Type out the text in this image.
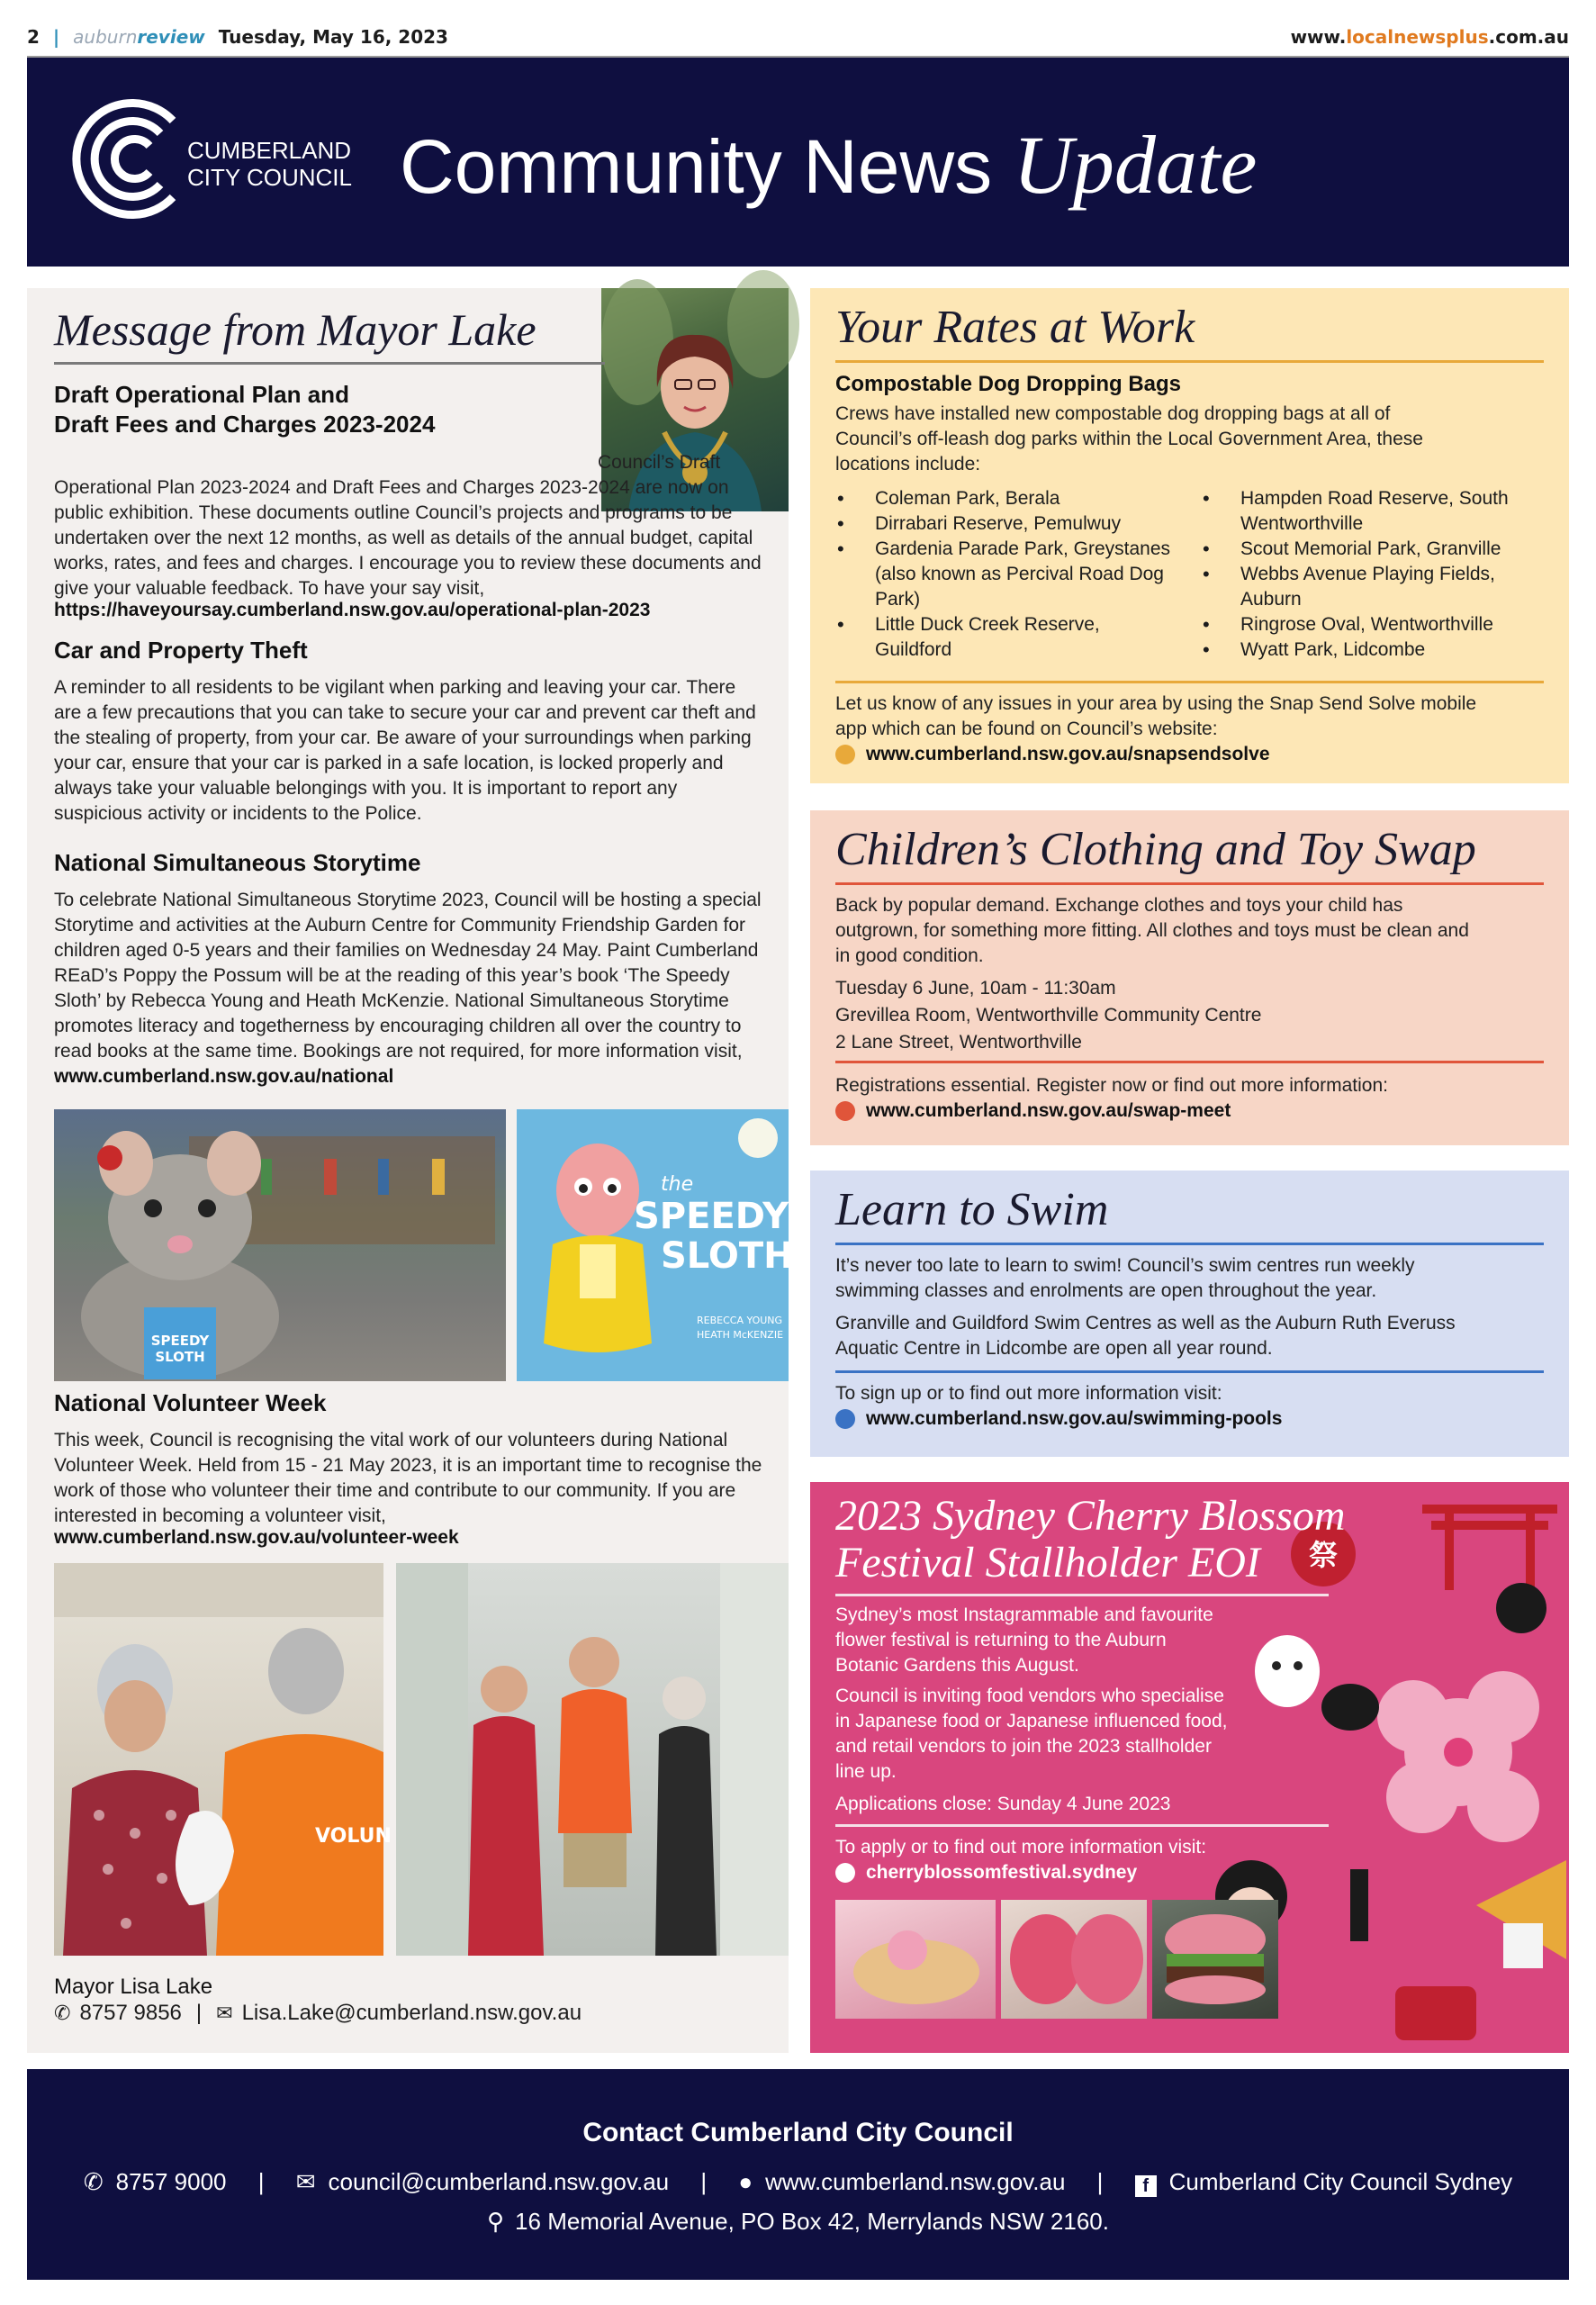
2 | auburnreview Tuesday, May 16, 2023	www.localnewsplus.com.au
CUMBERLAND
CITY COUNCIL Community News Update
Message from Mayor Lake
Draft Operational Plan and
Draft Fees and Charges 2023-2024
Council’s Draft Operational Plan 2023-2024 and Draft Fees and Charges 2023-2024 are now on public exhibition. These documents outline Council’s projects and programs to be undertaken over the next 12 months, as well as details of the annual budget, capital works, rates, and fees and charges. I encourage you to review these documents and give your valuable feedback. To have your say visit,
https://haveyoursay.cumberland.nsw.gov.au/operational-plan-2023
Car and Property Theft
A reminder to all residents to be vigilant when parking and leaving your car. There are a few precautions that you can take to secure your car and prevent car theft and the stealing of property, from your car. Be aware of your surroundings when parking your car, ensure that your car is parked in a safe location, is locked properly and always take your valuable belongings with you. It is important to report any suspicious activity or incidents to the Police.
National Simultaneous Storytime
To celebrate National Simultaneous Storytime 2023, Council will be hosting a special Storytime and activities at the Auburn Centre for Community Friendship Garden for children aged 0-5 years and their families on Wednesday 24 May. Paint Cumberland REaD’s Poppy the Possum will be at the reading of this year’s book ‘The Speedy Sloth’ by Rebecca Young and Heath McKenzie. National Simultaneous Storytime promotes literacy and togetherness by encouraging children all over the country to read books at the same time. Bookings are not required, for more information visit, www.cumberland.nsw.gov.au/national
SPEEDY
SLOTH
the
SPEEDY
SLOTH
REBECCA YOUNG
HEATH McKENZIE
National Volunteer Week
This week, Council is recognising the vital work of our volunteers during National Volunteer Week. Held from 15 - 21 May 2023, it is an important time to recognise the work of those who volunteer their time and contribute to our community. If you are interested in becoming a volunteer visit,
www.cumberland.nsw.gov.au/volunteer-week
VOLUN
Mayor Lisa Lake
✆ 8757 9856 | ✉ Lisa.Lake@cumberland.nsw.gov.au
Your Rates at Work
Compostable Dog Dropping Bags
Crews have installed new compostable dog dropping bags at all of Council’s off-leash dog parks within the Local Government Area, these locations include:
• Coleman Park, Berala
• Dirrabari Reserve, Pemulwuy
• Gardenia Parade Park, Greystanes (also known as Percival Road Dog Park)
• Little Duck Creek Reserve, Guildford
• Hampden Road Reserve, South Wentworthville
• Scout Memorial Park, Granville
• Webbs Avenue Playing Fields, Auburn
• Ringrose Oval, Wentworthville
• Wyatt Park, Lidcombe
Let us know of any issues in your area by using the Snap Send Solve mobile app which can be found on Council’s website:
www.cumberland.nsw.gov.au/snapsendsolve
Children’s Clothing and Toy Swap
Back by popular demand. Exchange clothes and toys your child has outgrown, for something more fitting. All clothes and toys must be clean and in good condition.
Tuesday 6 June, 10am - 11:30am
Grevillea Room, Wentworthville Community Centre
2 Lane Street, Wentworthville
Registrations essential. Register now or find out more information:
www.cumberland.nsw.gov.au/swap-meet
Learn to Swim
It’s never too late to learn to swim! Council’s swim centres run weekly swimming classes and enrolments are open throughout the year.
Granville and Guildford Swim Centres as well as the Auburn Ruth Everuss Aquatic Centre in Lidcombe are open all year round.
To sign up or to find out more information visit:
www.cumberland.nsw.gov.au/swimming-pools
祭
2023 Sydney Cherry Blossom
Festival Stallholder EOI
Sydney’s most Instagrammable and favourite flower festival is returning to the Auburn Botanic Gardens this August.
Council is inviting food vendors who specialise in Japanese food or Japanese influenced food, and retail vendors to join the 2023 stallholder line up.
Applications close: Sunday 4 June 2023
To apply or to find out more information visit:
cherryblossomfestival.sydney
Contact Cumberland City Council
✆ 8757 9000 | ✉ council@cumberland.nsw.gov.au | ● www.cumberland.nsw.gov.au | f Cumberland City Council Sydney
⚲ 16 Memorial Avenue, PO Box 42, Merrylands NSW 2160.
